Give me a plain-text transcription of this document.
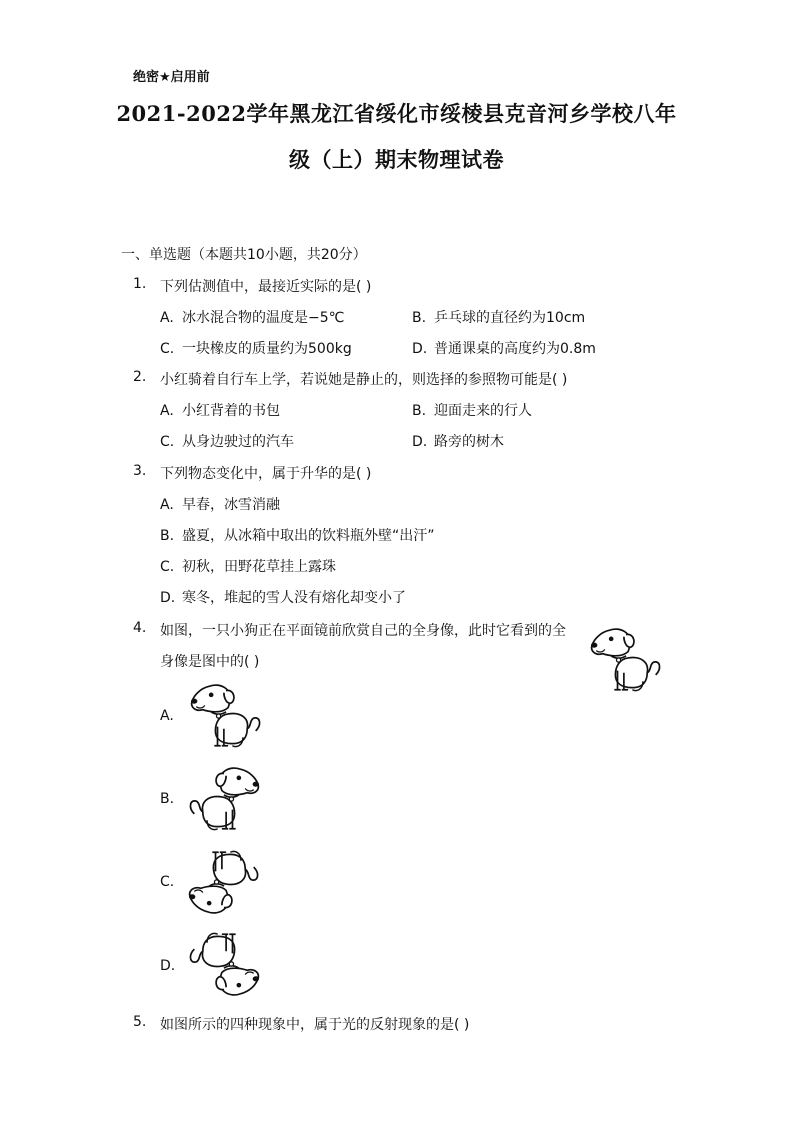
绝密★启用前
2021-2022学年黑龙江省绥化市绥棱县克音河乡学校八年
级（上）期末物理试卷
一、单选题（本题共10小题，共20分）
1. 下列估测值中，最接近实际的是( )
A. 冰水混合物的温度是−5℃	B. 乒乓球的直径约为10cm
C. 一块橡皮的质量约为500kg	D. 普通课桌的高度约为0.8m
2. 小红骑着自行车上学，若说她是静止的，则选择的参照物可能是( )
A. 小红背着的书包	B. 迎面走来的行人
C. 从身边驶过的汽车	D. 路旁的树木
3. 下列物态变化中，属于升华的是( )
A. 早春，冰雪消融
B. 盛夏，从冰箱中取出的饮料瓶外壁“出汗”
C. 初秋，田野花草挂上露珠
D. 寒冬，堆起的雪人没有熔化却变小了
4. 如图，一只小狗正在平面镜前欣赏自己的全身像，此时它看到的全
身像是图中的( )
A.
B.
C.
D.
5. 如图所示的四种现象中，属于光的反射现象的是( )
